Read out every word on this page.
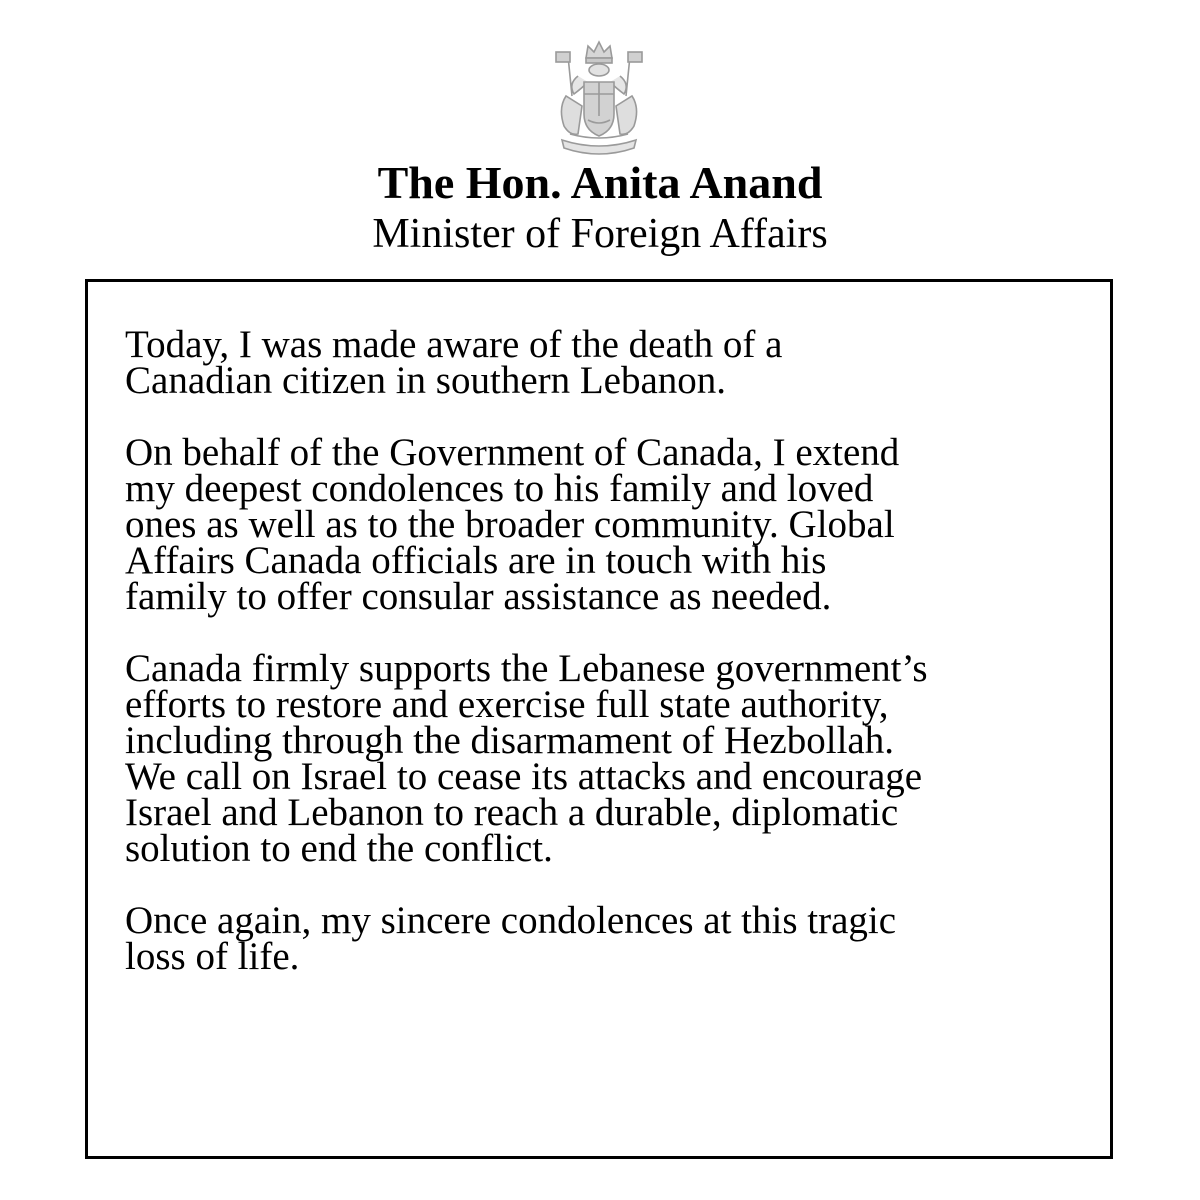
The Hon. Anita Anand

Minister of Foreign Affairs

Today, I was made aware of the death of a
Canadian citizen in southern Lebanon.
On behalf of the Government of Canada, I extend
my deepest condolences to his family and loved
ones as well as to the broader community. Global
Affairs Canada officials are in touch with his
family to offer consular assistance as needed.
Canada firmly supports the Lebanese government’s
efforts to restore and exercise full state authority,
including through the disarmament of Hezbollah.
We call on Israel to cease its attacks and encourage
Israel and Lebanon to reach a durable, diplomatic
solution to end the conflict.
Once again, my sincere condolences at this tragic
loss of life.
